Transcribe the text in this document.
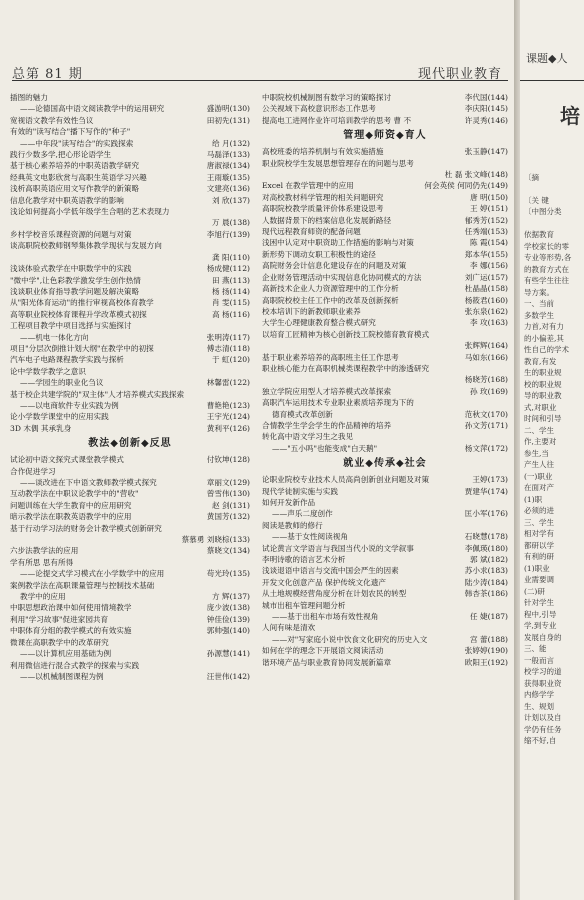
总第 81 期	现代职业教育
插图的魅力
——论德国高中语文阅读教学中的运用研究	盛游明(130)
宽视语文教学有效性刍议	田初先(131)
有效的"读写结合"播下写作的"种子"
——中年段"读写结合"的实践探索	给 月(132)
践行少数多学,把心形论语学生	马磊泽(133)
基于核心素养培养的中职英语教学研究	唐淑禄(134)
经典英文电影欣赏与高职生英语学习兴趣	王雨璇(135)
浅析高职英语应用文写作教学的新策略	文建亮(136)
信息化教学对中职英语教学的影响	刘 欣(137)
浅论如何提高小学低年级学生合唱的艺术表现力
万 晨(138)
乡村学校音乐课程资源的问题与对策	李旭行(139)
谈高职院校教师钢琴集体教学现状与发展方向
龚 阳(110)
浅谈体验式教学在中职数学中的实践	杨成健(112)
"微中学",让色彩教学激发学生创作热情	田 燕(113)
浅谈职业体育指导教学问题及解决策略	杨 扬(114)
从"阳光体育运动"的推行审视高校体育教学	肖 雯(115)
高等职业院校体育课程升学改革模式初探	高 杨(116)
工程项目教学中项目选择与实施探讨
——机电一体化方向	张明涛(117)
项目"分层次倒推计划大纲"在教学中的初探	傅志清(118)
汽车电子电路课程教学实践与探析	于 虹(120)
论中学数学教学之意识
——学园生的职业化刍议	林馨雷(122)
基于校企共建学院的"双主体"人才培养模式实践探索
——以电商软件专业实践为例	曹艳艳(123)
论小学数学课堂中的应用实践	王宇光(124)
3D 木偶 其承乳身	黄利平(126)
教法◆创新◆反思
试论初中语文探究式课堂教学模式	付钦坤(128)
合作促进学习
——谈改进在下中语文教师教学模式探究	章丽文(129)
互动教学法在中职议论教学中的"营收"	曾雪伟(130)
问题训练在大学生教育中的应用研究	赵 剑(131)
暗示教学法在职教英语教学中的应用	黄国芳(132)
基于行动学习法的财务会计教学模式创新研究
蔡慕勇 刘晓棕(133)
六步法教学法的应用	蔡晓文(134)
学有所思 思有所得
——论提交式学习模式在小学数学中的应用	苟光玲(135)
案例教学法在高职课量管理与控制技术基础
教学中的应用	方 辉(137)
中职思想政治课中如何使用情境教学	庞少波(138)
利用"学习故事"促进家园共育	钟佳俭(139)
中职体育分组的教学模式的有效实施	郭帅强(140)
微课在高职教学中的改革研究
——以计算机应用基础为例	孙源慧(141)
利用微信进行混合式教学的探索与实践
——以机械制图课程为例	汪世伟(142)
中职院校机械制图有数学习的策略探讨	李代国(144)
公关视域下高校意识形态工作思考	李庆阳(145)
提高电工进网作业许可培训教学的思考 曹 不	许灵秀(146)
管理◆师资◆育人
高校班委的培养机制与有效实施措施	张玉静(147)
职业院校学生发展思想管理存在的问题与思考
杜 磊 张文峰(148)
Excel 在教学管理中的应用	何会英侯 何同仍先(149)
对高校教材科学管理的相关问题研究	唐 明(150)
高职院校教学质量评价体系建设思考	王 婷(151)
人数据背景下的档案信息化发展新路径	郁秀芳(152)
现代远程教育师资的配备问题	任秀端(153)
浅困中认定对中职资助工作措施的影响与对策	陈 霞(154)
新形势下调动女职工积极性的途径	郑本华(155)
高院财务会计信息化建设存在的问题及对策	李 娜(156)
企业财务管理活动中实现信息化协同模式的方法	刘广运(157)
高新技术企业人力资源管理中的工作分析	杜晶晶(158)
高职院校校主任工作中的改革及创新探析	杨筱君(160)
校本培训下的新教师职业素养	张东泉(162)
大学生心理健康教育整合模式研究	李 攻(163)
以培育工匠精神为核心创新技工院校德育教育模式
张辉辉(164)
基于职业素养培养的高职班主任工作思考	马如东(166)
职业核心能力在高职机械类课程教学中的渗透研究
杨晓芳(168)
独立学院应用型人才培养模式改革探索	孙 玫(169)
高职汽车运用技术专业职业素质培养现为下的
德育模式改革创新	范秋文(170)
合情教学生学会学生的作品精神的培养	孙文芳(171)
转化高中语文学习生之我见
——"五小吗"也能变成"白天鹅"	杨文萍(172)
就业◆传承◆社会
论职业院校专业技术人员高尚创新创业问题及对策	王婷(173)
现代学徒制实施与实践	贾建华(174)
如何开发新作品
——声乐二度创作	匡小军(176)
阅读是教师的修行
——基于女性阅读视角	石晓慧(178)
试论黄言文学语言与我国当代小说的文学叙事	李佩瑛(180)
李明诗歌的语言艺术分析	郭 斌(182)
浅谈退语中语言与交流中国会严生的因素	苏小求(183)
开发文化创意产品 保护传统文化遗产	陆少涛(184)
从土地规模经营角度分析在计划农民的转型	韩杏茶(186)
城市出租车管理问题分析
——基于出租车市场有效性视角	任 婕(187)
人间有味是清欢
——对"写家庭小说中饮食文化研究的历史入文	宫 蕾(188)
如何在学的理念下开展语文阅读活动	张婷婷(190)
谐环境产品与职业教育协同发展新篇章	欧阳王(192)
课题◆人
培

〔摘

〔关 键
〔中图分类

依据教育
学校家长的零
专业等形势,各
的教育方式在
有些学生往往
导方案。
一、当前
多数学生
力首,对有力
的小偏差,其
性自己的学术
教育,有发
生的职业规
校的职业规
导的职业教
式,对职业
时间和引导
二、学生
作,主要对
参生,当
产生人往
(一)职业
在面对产
(1)职
必须的进
三、学生
相对学有
都研以学
有利的研
(1)职业
业需要调
(二)研
针对学生
程中,引导
学,到专业
发展自身的
三、能
一般而言
校学习的道
获得职业资
内修学学
生、规划
计划以及自
学仍有任务
缩不好,自
